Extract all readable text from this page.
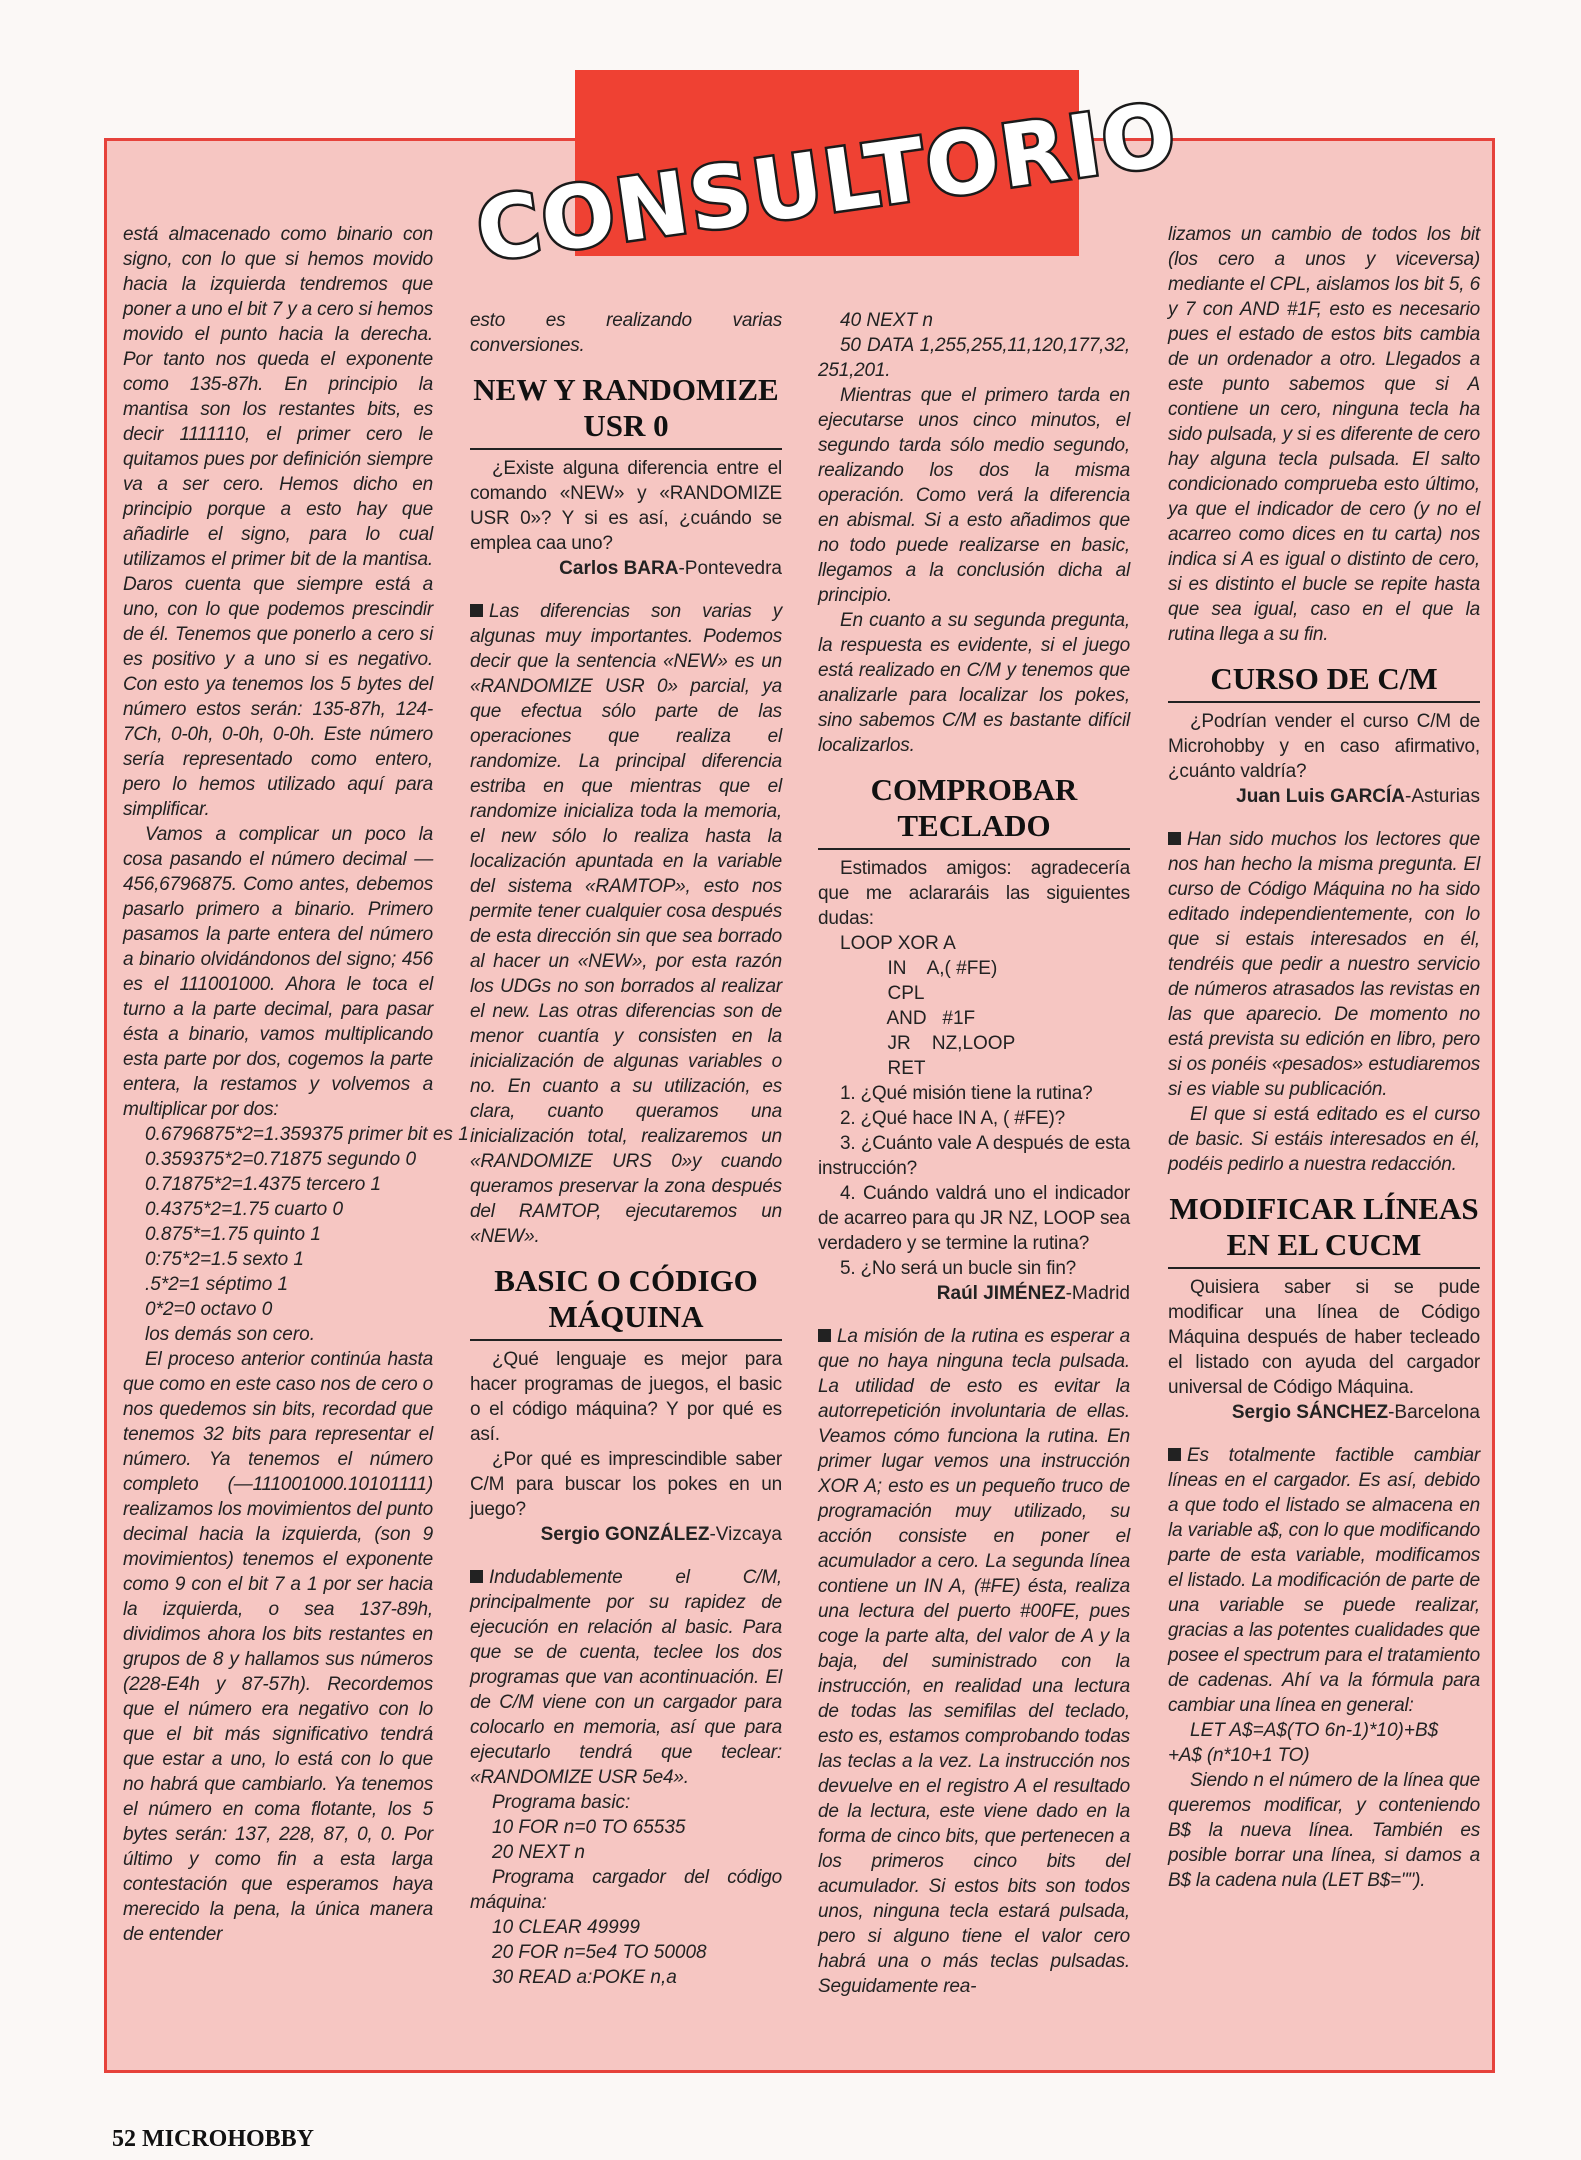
CONSULTORIO

está almacenado como binario con signo, con lo que si hemos movido hacia la izquierda tendremos que poner a uno el bit 7 y a cero si hemos movido el punto hacia la derecha. Por tanto nos queda el exponente como 135-87h. En principio la mantisa son los restantes bits, es decir 1111110, el primer cero le quitamos pues por definición siempre va a ser cero. Hemos dicho en principio porque a esto hay que añadirle el signo, para lo cual utilizamos el primer bit de la mantisa. Daros cuenta que siempre está a uno, con lo que podemos prescindir de él. Tenemos que ponerlo a cero si es positivo y a uno si es negativo. Con esto ya tenemos los 5 bytes del número estos serán: 135-87h, 124-7Ch, 0-0h, 0-0h, 0-0h. Este número sería representado como entero, pero lo hemos utilizado aquí para simplificar.

Vamos a complicar un poco la cosa pasando el número decimal —456,6796875. Como antes, debemos pasarlo primero a binario. Primero pasamos la parte entera del número a binario olvidándonos del signo; 456 es el 111001000. Ahora le toca el turno a la parte decimal, para pasar ésta a binario, vamos multiplicando esta parte por dos, cogemos la parte entera, la restamos y volvemos a multiplicar por dos:

0.6796875*2=1.359375 primer bit es 1

0.359375*2=0.71875 segundo 0

0.71875*2=1.4375 tercero 1

0.4375*2=1.75 cuarto 0

0.875*=1.75 quinto 1

0:75*2=1.5 sexto 1

.5*2=1 séptimo 1

0*2=0 octavo 0

los demás son cero.

El proceso anterior continúa hasta que como en este caso nos de cero o nos quedemos sin bits, recordad que tenemos 32 bits para representar el número. Ya tenemos el número completo (—111001000.10101111) realizamos los movimientos del punto decimal hacia la izquierda, (son 9 movimientos) tenemos el exponente como 9 con el bit 7 a 1 por ser hacia la izquierda, o sea 137-89h, dividimos ahora los bits restantes en grupos de 8 y hallamos sus números (228-E4h y 87-57h). Recordemos que el número era negativo con lo que el bit más significativo tendrá que estar a uno, lo está con lo que no habrá que cambiarlo. Ya tenemos el número en coma flotante, los 5 bytes serán: 137, 228, 87, 0, 0. Por último y como fin a esta larga contestación que esperamos haya merecido la pena, la única manera de entender

esto es realizando varias conversiones.

NEW Y RANDOMIZE USR 0

¿Existe alguna diferencia entre el comando «NEW» y «RANDOMIZE USR 0»? Y si es así, ¿cuándo se emplea caa uno?

Carlos BARA-Pontevedra

Las diferencias son varias y algunas muy importantes. Podemos decir que la sentencia «NEW» es un «RANDOMIZE USR 0» parcial, ya que efectua sólo parte de las operaciones que realiza el randomize. La principal diferencia estriba en que mientras que el randomize inicializa toda la memoria, el new sólo lo realiza hasta la localización apuntada en la variable del sistema «RAMTOP», esto nos permite tener cualquier cosa después de esta dirección sin que sea borrado al hacer un «NEW», por esta razón los UDGs no son borrados al realizar el new. Las otras diferencias son de menor cuantía y consisten en la inicialización de algunas variables o no. En cuanto a su utilización, es clara, cuanto queramos una inicialización total, realizaremos un «RANDOMIZE URS 0»y cuando queramos preservar la zona después del RAMTOP, ejecutaremos un «NEW».

BASIC O CÓDIGO MÁQUINA

¿Qué lenguaje es mejor para hacer programas de juegos, el basic o el código máquina? Y por qué es así.

¿Por qué es imprescindible saber C/M para buscar los pokes en un juego?

Sergio GONZÁLEZ-Vizcaya

Indudablemente el C/M, principalmente por su rapidez de ejecución en relación al basic. Para que se de cuenta, teclee los dos programas que van acontinuación. El de C/M viene con un cargador para colocarlo en memoria, así que para ejecutarlo tendrá que teclear: «RANDOMIZE USR 5e4».

Programa basic:

10 FOR n=0 TO 65535

20 NEXT n

Programa cargador del código máquina:

10 CLEAR 49999

20 FOR n=5e4 TO 50008

30 READ a:POKE n,a

40 NEXT n

50 DATA 1,255,255,11,120,177,32, 251,201.

Mientras que el primero tarda en ejecutarse unos cinco minutos, el segundo tarda sólo medio segundo, realizando los dos la misma operación. Como verá la diferencia en abismal. Si a esto añadimos que no todo puede realizarse en basic, llegamos a la conclusión dicha al principio.

En cuanto a su segunda pregunta, la respuesta es evidente, si el juego está realizado en C/M y tenemos que analizarle para localizar los pokes, sino sabemos C/M es bastante difícil localizarlos.

COMPROBAR TECLADO

Estimados amigos: agradecería que me aclararáis las siguientes dudas:

LOOP XOR A

IN    A,( #FE)

CPL

AND   #1F

JR    NZ,LOOP

RET

1. ¿Qué misión tiene la rutina?

2. ¿Qué hace IN A, ( #FE)?

3. ¿Cuánto vale A después de esta instrucción?

4. Cuándo valdrá uno el indicador de acarreo para qu JR NZ, LOOP sea verdadero y se termine la rutina?

5. ¿No será un bucle sin fin?

Raúl JIMÉNEZ-Madrid

La misión de la rutina es esperar a que no haya ninguna tecla pulsada. La utilidad de esto es evitar la autorrepetición involuntaria de ellas. Veamos cómo funciona la rutina. En primer lugar vemos una instrucción XOR A; esto es un pequeño truco de programación muy utilizado, su acción consiste en poner el acumulador a cero. La segunda línea contiene un IN A, (#FE) ésta, realiza una lectura del puerto #00FE, pues coge la parte alta, del valor de A y la baja, del suministrado con la instrucción, en realidad una lectura de todas las semifilas del teclado, esto es, estamos comprobando todas las teclas a la vez. La instrucción nos devuelve en el registro A el resultado de la lectura, este viene dado en la forma de cinco bits, que pertenecen a los primeros cinco bits del acumulador. Si estos bits son todos unos, ninguna tecla estará pulsada, pero si alguno tiene el valor cero habrá una o más teclas pulsadas. Seguidamente rea-

lizamos un cambio de todos los bit (los cero a unos y viceversa) mediante el CPL, aislamos los bit 5, 6 y 7 con AND #1F, esto es necesario pues el estado de estos bits cambia de un ordenador a otro. Llegados a este punto sabemos que si A contiene un cero, ninguna tecla ha sido pulsada, y si es diferente de cero hay alguna tecla pulsada. El salto condicionado comprueba esto último, ya que el indicador de cero (y no el acarreo como dices en tu carta) nos indica si A es igual o distinto de cero, si es distinto el bucle se repite hasta que sea igual, caso en el que la rutina llega a su fin.

CURSO DE C/M

¿Podrían vender el curso C/M de Microhobby y en caso afirmativo, ¿cuánto valdría?

Juan Luis GARCÍA-Asturias

Han sido muchos los lectores que nos han hecho la misma pregunta. El curso de Código Máquina no ha sido editado independientemente, con lo que si estais interesados en él, tendréis que pedir a nuestro servicio de números atrasados las revistas en las que aparecio. De momento no está prevista su edición en libro, pero si os ponéis «pesados» estudiaremos si es viable su publicación.

El que si está editado es el curso de basic. Si estáis interesados en él, podéis pedirlo a nuestra redacción.

MODIFICAR LÍNEAS EN EL CUCM

Quisiera saber si se pude modificar una línea de Código Máquina después de haber tecleado el listado con ayuda del cargador universal de Código Máquina.

Sergio SÁNCHEZ-Barcelona

Es totalmente factible cambiar líneas en el cargador. Es así, debido a que todo el listado se almacena en la variable a$, con lo que modificando parte de esta variable, modificamos el listado. La modificación de parte de una variable se puede realizar, gracias a las potentes cualidades que posee el spectrum para el tratamiento de cadenas. Ahí va la fórmula para cambiar una línea en general:

LET A$=A$(TO 6n-1)*10)+B$

+A$ (n*10+1 TO)

Siendo n el número de la línea que queremos modificar, y conteniendo B$ la nueva línea. También es posible borrar una línea, si damos a B$ la cadena nula (LET B$="").

52 MICROHOBBY
